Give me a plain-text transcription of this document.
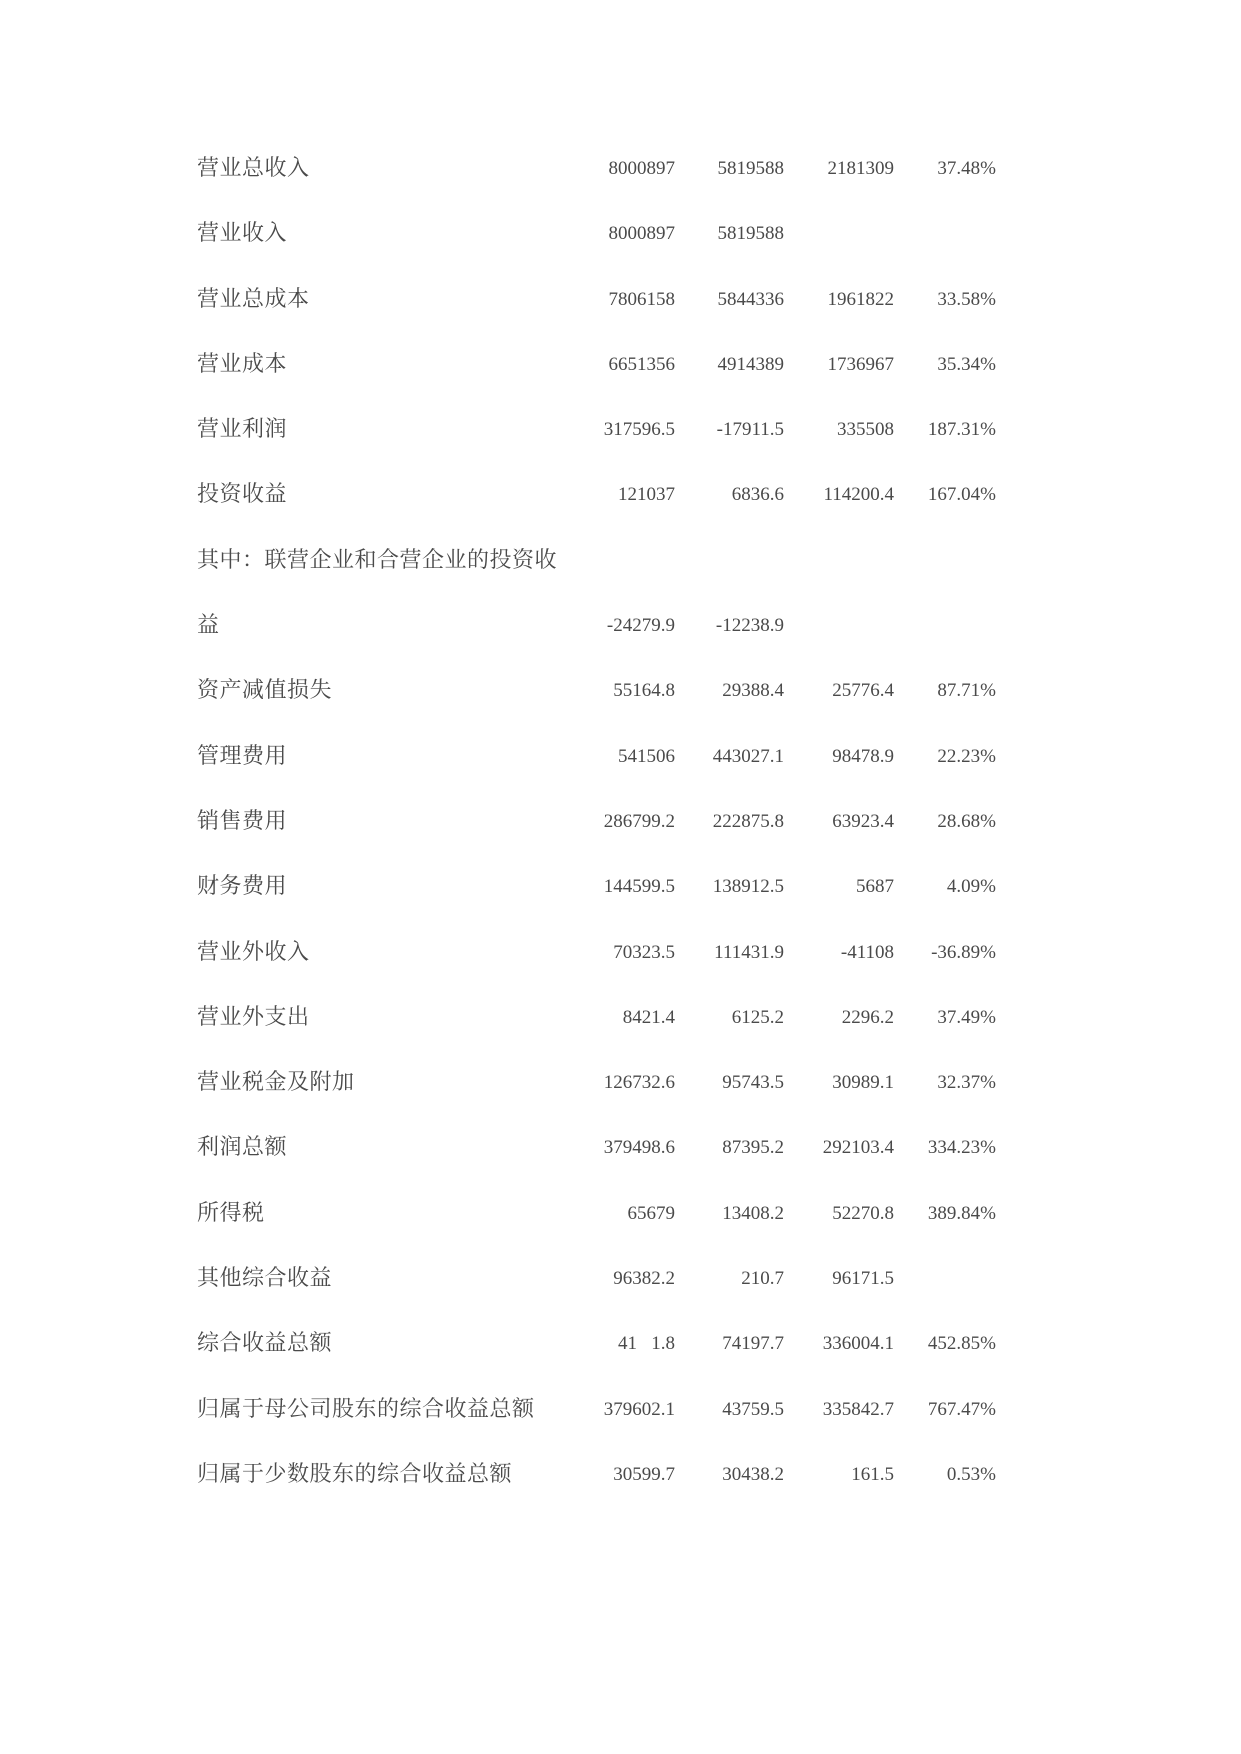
营业总收入	8000897	5819588	2181309	37.48%
营业收入	8000897	5819588
营业总成本	7806158	5844336	1961822	33.58%
营业成本	6651356	4914389	1736967	35.34%
营业利润	317596.5	-17911.5	335508	187.31%
投资收益	121037	6836.6	114200.4	167.04%
其中：联营企业和合营企业的投资收
益	-24279.9	-12238.9
资产减值损失	55164.8	29388.4	25776.4	87.71%
管理费用	541506	443027.1	98478.9	22.23%
销售费用	286799.2	222875.8	63923.4	28.68%
财务费用	144599.5	138912.5	5687	4.09%
营业外收入	70323.5	111431.9	-41108	-36.89%
营业外支出	8421.4	6125.2	2296.2	37.49%
营业税金及附加	126732.6	95743.5	30989.1	32.37%
利润总额	379498.6	87395.2	292103.4	334.23%
所得税	65679	13408.2	52270.8	389.84%
其他综合收益	96382.2	210.7	96171.5
综合收益总额	41   1.8	74197.7	336004.1	452.85%
归属于母公司股东的综合收益总额	379602.1	43759.5	335842.7	767.47%
归属于少数股东的综合收益总额	30599.7	30438.2	161.5	0.53%
